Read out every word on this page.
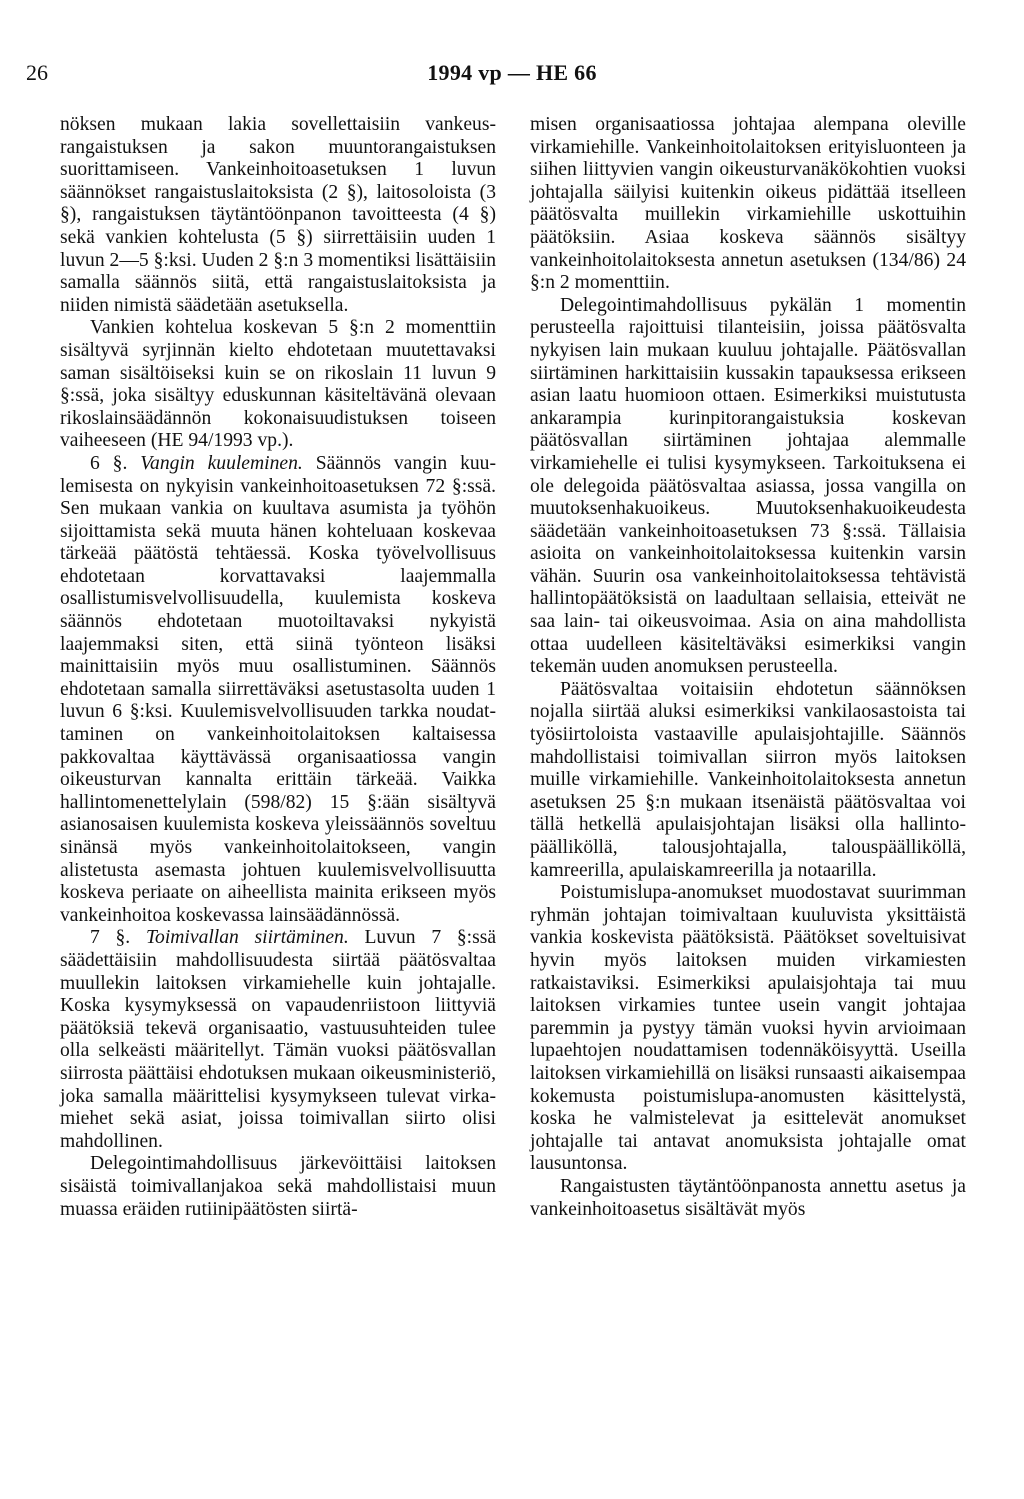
26	1994 vp — HE 66

nöksen mukaan lakia sovellettaisiin vankeusrangaistuksen ja sakon muuntorangaistuksen suorittamiseen. Vankeinhoitoasetuksen 1 luvun säännökset rangaistuslaitoksista (2 §), laitosoloista (3 §), rangaistuksen täytäntöönpanon tavoitteesta (4 §) sekä vankien kohtelusta (5 §) siirrettäisiin uuden 1 luvun 2—5 §:ksi. Uuden 2 §:n 3 momentiksi lisättäisiin samalla säännös siitä, että rangaistuslaitoksista ja niiden nimistä säädetään asetuksella.

Vankien kohtelua koskevan 5 §:n 2 momenttiin sisältyvä syrjinnän kielto ehdotetaan muutettavaksi saman sisältöiseksi kuin se on rikoslain 11 luvun 9 §:ssä, joka sisältyy eduskunnan käsiteltävänä olevaan rikoslainsäädännön kokonaisuudistuksen toiseen vaiheeseen (HE 94/1993 vp.).

6 §. Vangin kuuleminen. Säännös vangin kuulemisesta on nykyisin vankeinhoitoasetuksen 72 §:ssä. Sen mukaan vankia on kuultava asumista ja työhön sijoittamista sekä muuta hänen kohteluaan koskevaa tärkeää päätöstä tehtäessä. Koska työvelvollisuus ehdotetaan korvattavaksi laajemmalla osallistumisvelvollisuudella, kuulemista koskeva säännös ehdotetaan muotoiltavaksi nykyistä laajemmaksi siten, että siinä työnteon lisäksi mainittaisiin myös muu osallistuminen. Säännös ehdotetaan samalla siirrettäväksi asetustasolta uuden 1 luvun 6 §:ksi. Kuulemisvelvollisuuden tarkka noudattaminen on vankeinhoitolaitoksen kaltaisessa pakkovaltaa käyttävässä organisaatiossa vangin oikeusturvan kannalta erittäin tärkeää. Vaikka hallintomenettelylain (598/82) 15 §:ään sisältyvä asianosaisen kuulemista koskeva yleissäännös soveltuu sinänsä myös vankeinhoitolaitokseen, vangin alistetusta asemasta johtuen kuulemisvelvollisuutta koskeva periaate on aiheellista mainita erikseen myös vankeinhoitoa koskevassa lainsäädännössä.

7 §. Toimivallan siirtäminen. Luvun 7 §:ssä säädettäisiin mahdollisuudesta siirtää päätösvaltaa muullekin laitoksen virkamiehelle kuin johtajalle. Koska kysymyksessä on vapaudenriistoon liittyviä päätöksiä tekevä organisaatio, vastuusuhteiden tulee olla selkeästi määritellyt. Tämän vuoksi päätösvallan siirrosta päättäisi ehdotuksen mukaan oikeusministeriö, joka samalla määrittelisi kysymykseen tulevat virkamiehet sekä asiat, joissa toimivallan siirto olisi mahdollinen.

Delegointimahdollisuus järkevöittäisi laitoksen sisäistä toimivallanjakoa sekä mahdollistaisi muun muassa eräiden rutiinipäätösten siirtä-

misen organisaatiossa johtajaa alempana oleville virkamiehille. Vankeinhoitolaitoksen erityisluonteen ja siihen liittyvien vangin oikeusturvanäkökohtien vuoksi johtajalla säilyisi kuitenkin oikeus pidättää itselleen päätösvalta muillekin virkamiehille uskottuihin päätöksiin. Asiaa koskeva säännös sisältyy vankeinhoitolaitoksesta annetun asetuksen (134/86) 24 §:n 2 momenttiin.

Delegointimahdollisuus pykälän 1 momentin perusteella rajoittuisi tilanteisiin, joissa päätösvalta nykyisen lain mukaan kuuluu johtajalle. Päätösvallan siirtäminen harkittaisiin kussakin tapauksessa erikseen asian laatu huomioon ottaen. Esimerkiksi muistutusta ankarampia kurinpitorangaistuksia koskevan päätösvallan siirtäminen johtajaa alemmalle virkamiehelle ei tulisi kysymykseen. Tarkoituksena ei ole delegoida päätösvaltaa asiassa, jossa vangilla on muutoksenhakuoikeus. Muutoksenhakuoikeudesta säädetään vankeinhoitoasetuksen 73 §:ssä. Tällaisia asioita on vankeinhoitolaitoksessa kuitenkin varsin vähän. Suurin osa vankeinhoitolaitoksessa tehtävistä hallintopäätöksistä on laadultaan sellaisia, etteivät ne saa lain- tai oikeusvoimaa. Asia on aina mahdollista ottaa uudelleen käsiteltäväksi esimerkiksi vangin tekemän uuden anomuksen perusteella.

Päätösvaltaa voitaisiin ehdotetun säännöksen nojalla siirtää aluksi esimerkiksi vankilaosastoista tai työsiirtoloista vastaaville apulaisjohtajille. Säännös mahdollistaisi toimivallan siirron myös laitoksen muille virkamiehille. Vankeinhoitolaitoksesta annetun asetuksen 25 §:n mukaan itsenäistä päätösvaltaa voi tällä hetkellä apulaisjohtajan lisäksi olla hallintopäälliköllä, talousjohtajalla, talouspäälliköllä, kamreerilla, apulaiskamreerilla ja notaarilla.

Poistumislupa-anomukset muodostavat suurimman ryhmän johtajan toimivaltaan kuuluvista yksittäistä vankia koskevista päätöksistä. Päätökset soveltuisivat hyvin myös laitoksen muiden virkamiesten ratkaistaviksi. Esimerkiksi apulaisjohtaja tai muu laitoksen virkamies tuntee usein vangit johtajaa paremmin ja pystyy tämän vuoksi hyvin arvioimaan lupaehtojen noudattamisen todennäköisyyttä. Useilla laitoksen virkamiehillä on lisäksi runsaasti aikaisempaa kokemusta poistumislupa-anomusten käsittelystä, koska he valmistelevat ja esittelevät anomukset johtajalle tai antavat anomuksista johtajalle omat lausuntonsa.

Rangaistusten täytäntöönpanosta annettu asetus ja vankeinhoitoasetus sisältävät myös
